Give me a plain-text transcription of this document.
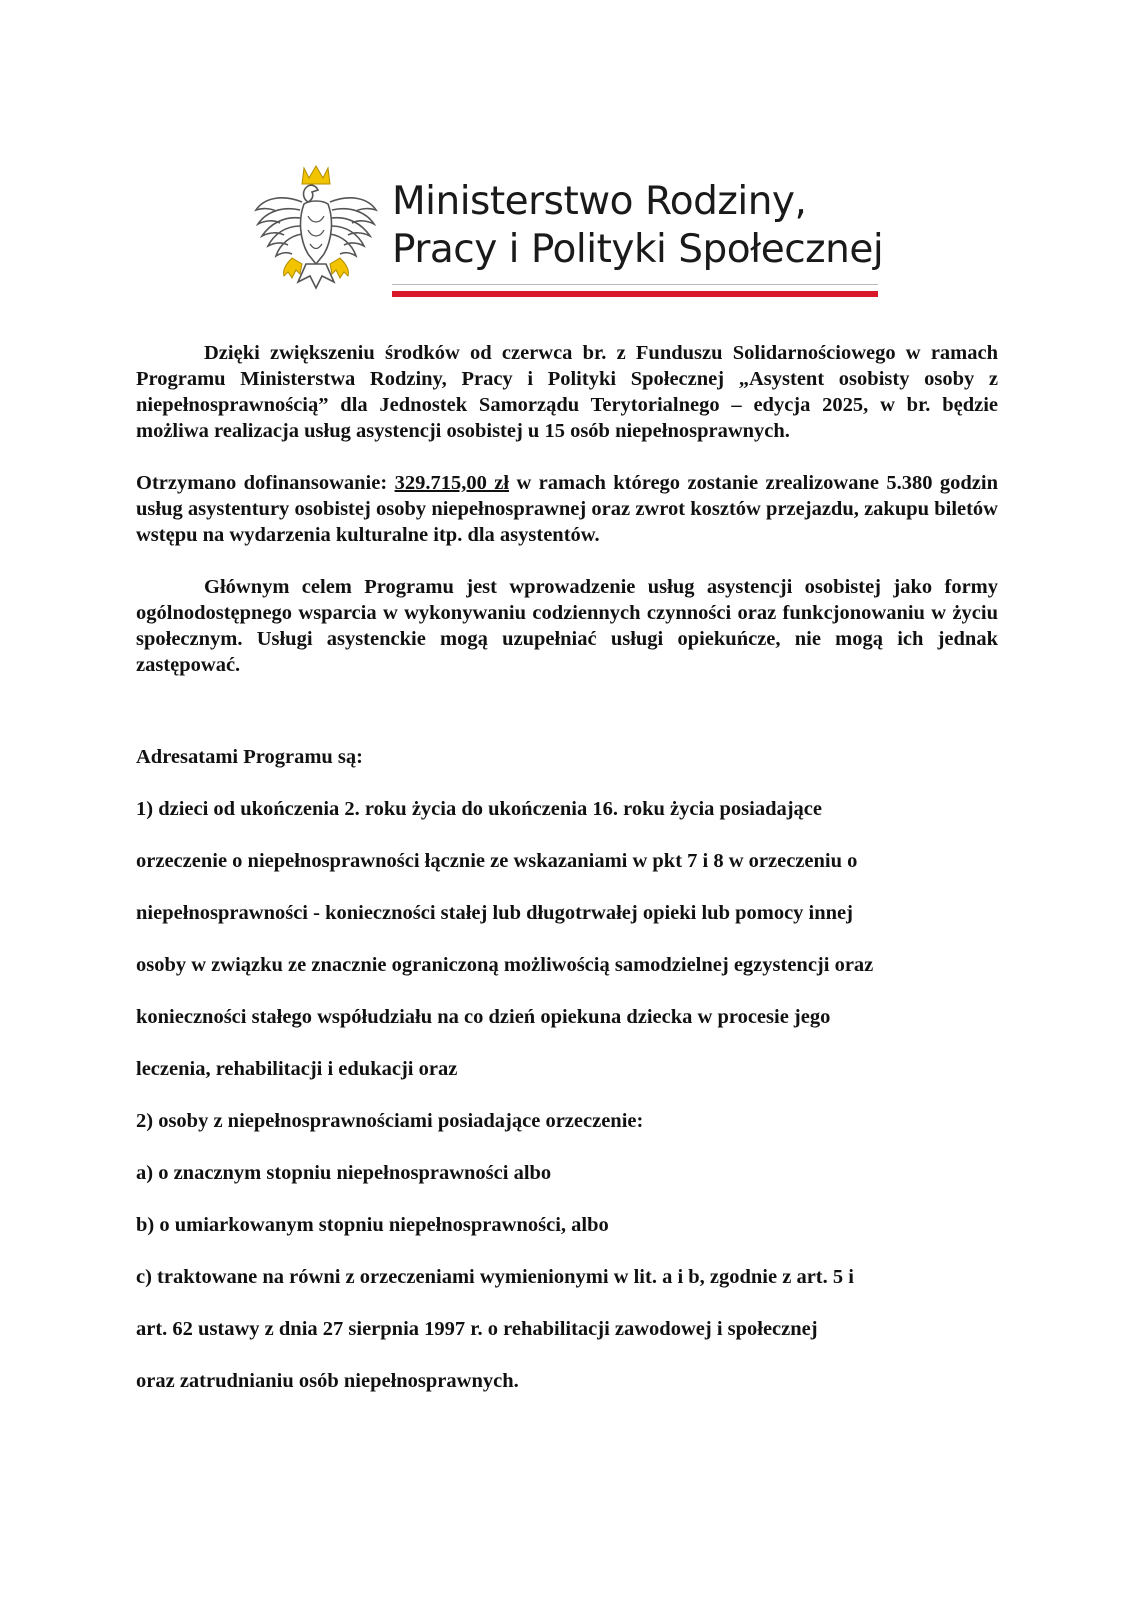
Ministerstwo Rodziny,
Pracy i Polityki Społecznej

Dzięki zwiększeniu środków od czerwca br. z Funduszu Solidarnościowego w ramach Programu Ministerstwa Rodziny, Pracy i Polityki Społecznej „Asystent osobisty osoby z niepełnosprawnością” dla Jednostek Samorządu Terytorialnego – edycja 2025, w br. będzie możliwa realizacja usług asystencji osobistej u 15 osób niepełnosprawnych.

Otrzymano dofinansowanie: 329.715,00 zł w ramach którego zostanie zrealizowane 5.380 godzin usług asystentury osobistej osoby niepełnosprawnej oraz zwrot kosztów przejazdu, zakupu biletów wstępu na wydarzenia kulturalne itp. dla asystentów.

Głównym celem Programu jest wprowadzenie usług asystencji osobistej jako formy ogólnodostępnego wsparcia w wykonywaniu codziennych czynności oraz funkcjonowaniu w życiu społecznym. Usługi asystenckie mogą uzupełniać usługi opiekuńcze, nie mogą ich jednak zastępować.

Adresatami Programu są:
1) dzieci od ukończenia 2. roku życia do ukończenia 16. roku życia posiadające
orzeczenie o niepełnosprawności łącznie ze wskazaniami w pkt 7 i 8 w orzeczeniu o
niepełnosprawności - konieczności stałej lub długotrwałej opieki lub pomocy innej
osoby w związku ze znacznie ograniczoną możliwością samodzielnej egzystencji oraz
konieczności stałego współudziału na co dzień opiekuna dziecka w procesie jego
leczenia, rehabilitacji i edukacji oraz
2) osoby z niepełnosprawnościami posiadające orzeczenie:
a) o znacznym stopniu niepełnosprawności albo
b) o umiarkowanym stopniu niepełnosprawności, albo
c) traktowane na równi z orzeczeniami wymienionymi w lit. a i b, zgodnie z art. 5 i
art. 62 ustawy z dnia 27 sierpnia 1997 r. o rehabilitacji zawodowej i społecznej
oraz zatrudnianiu osób niepełnosprawnych.
